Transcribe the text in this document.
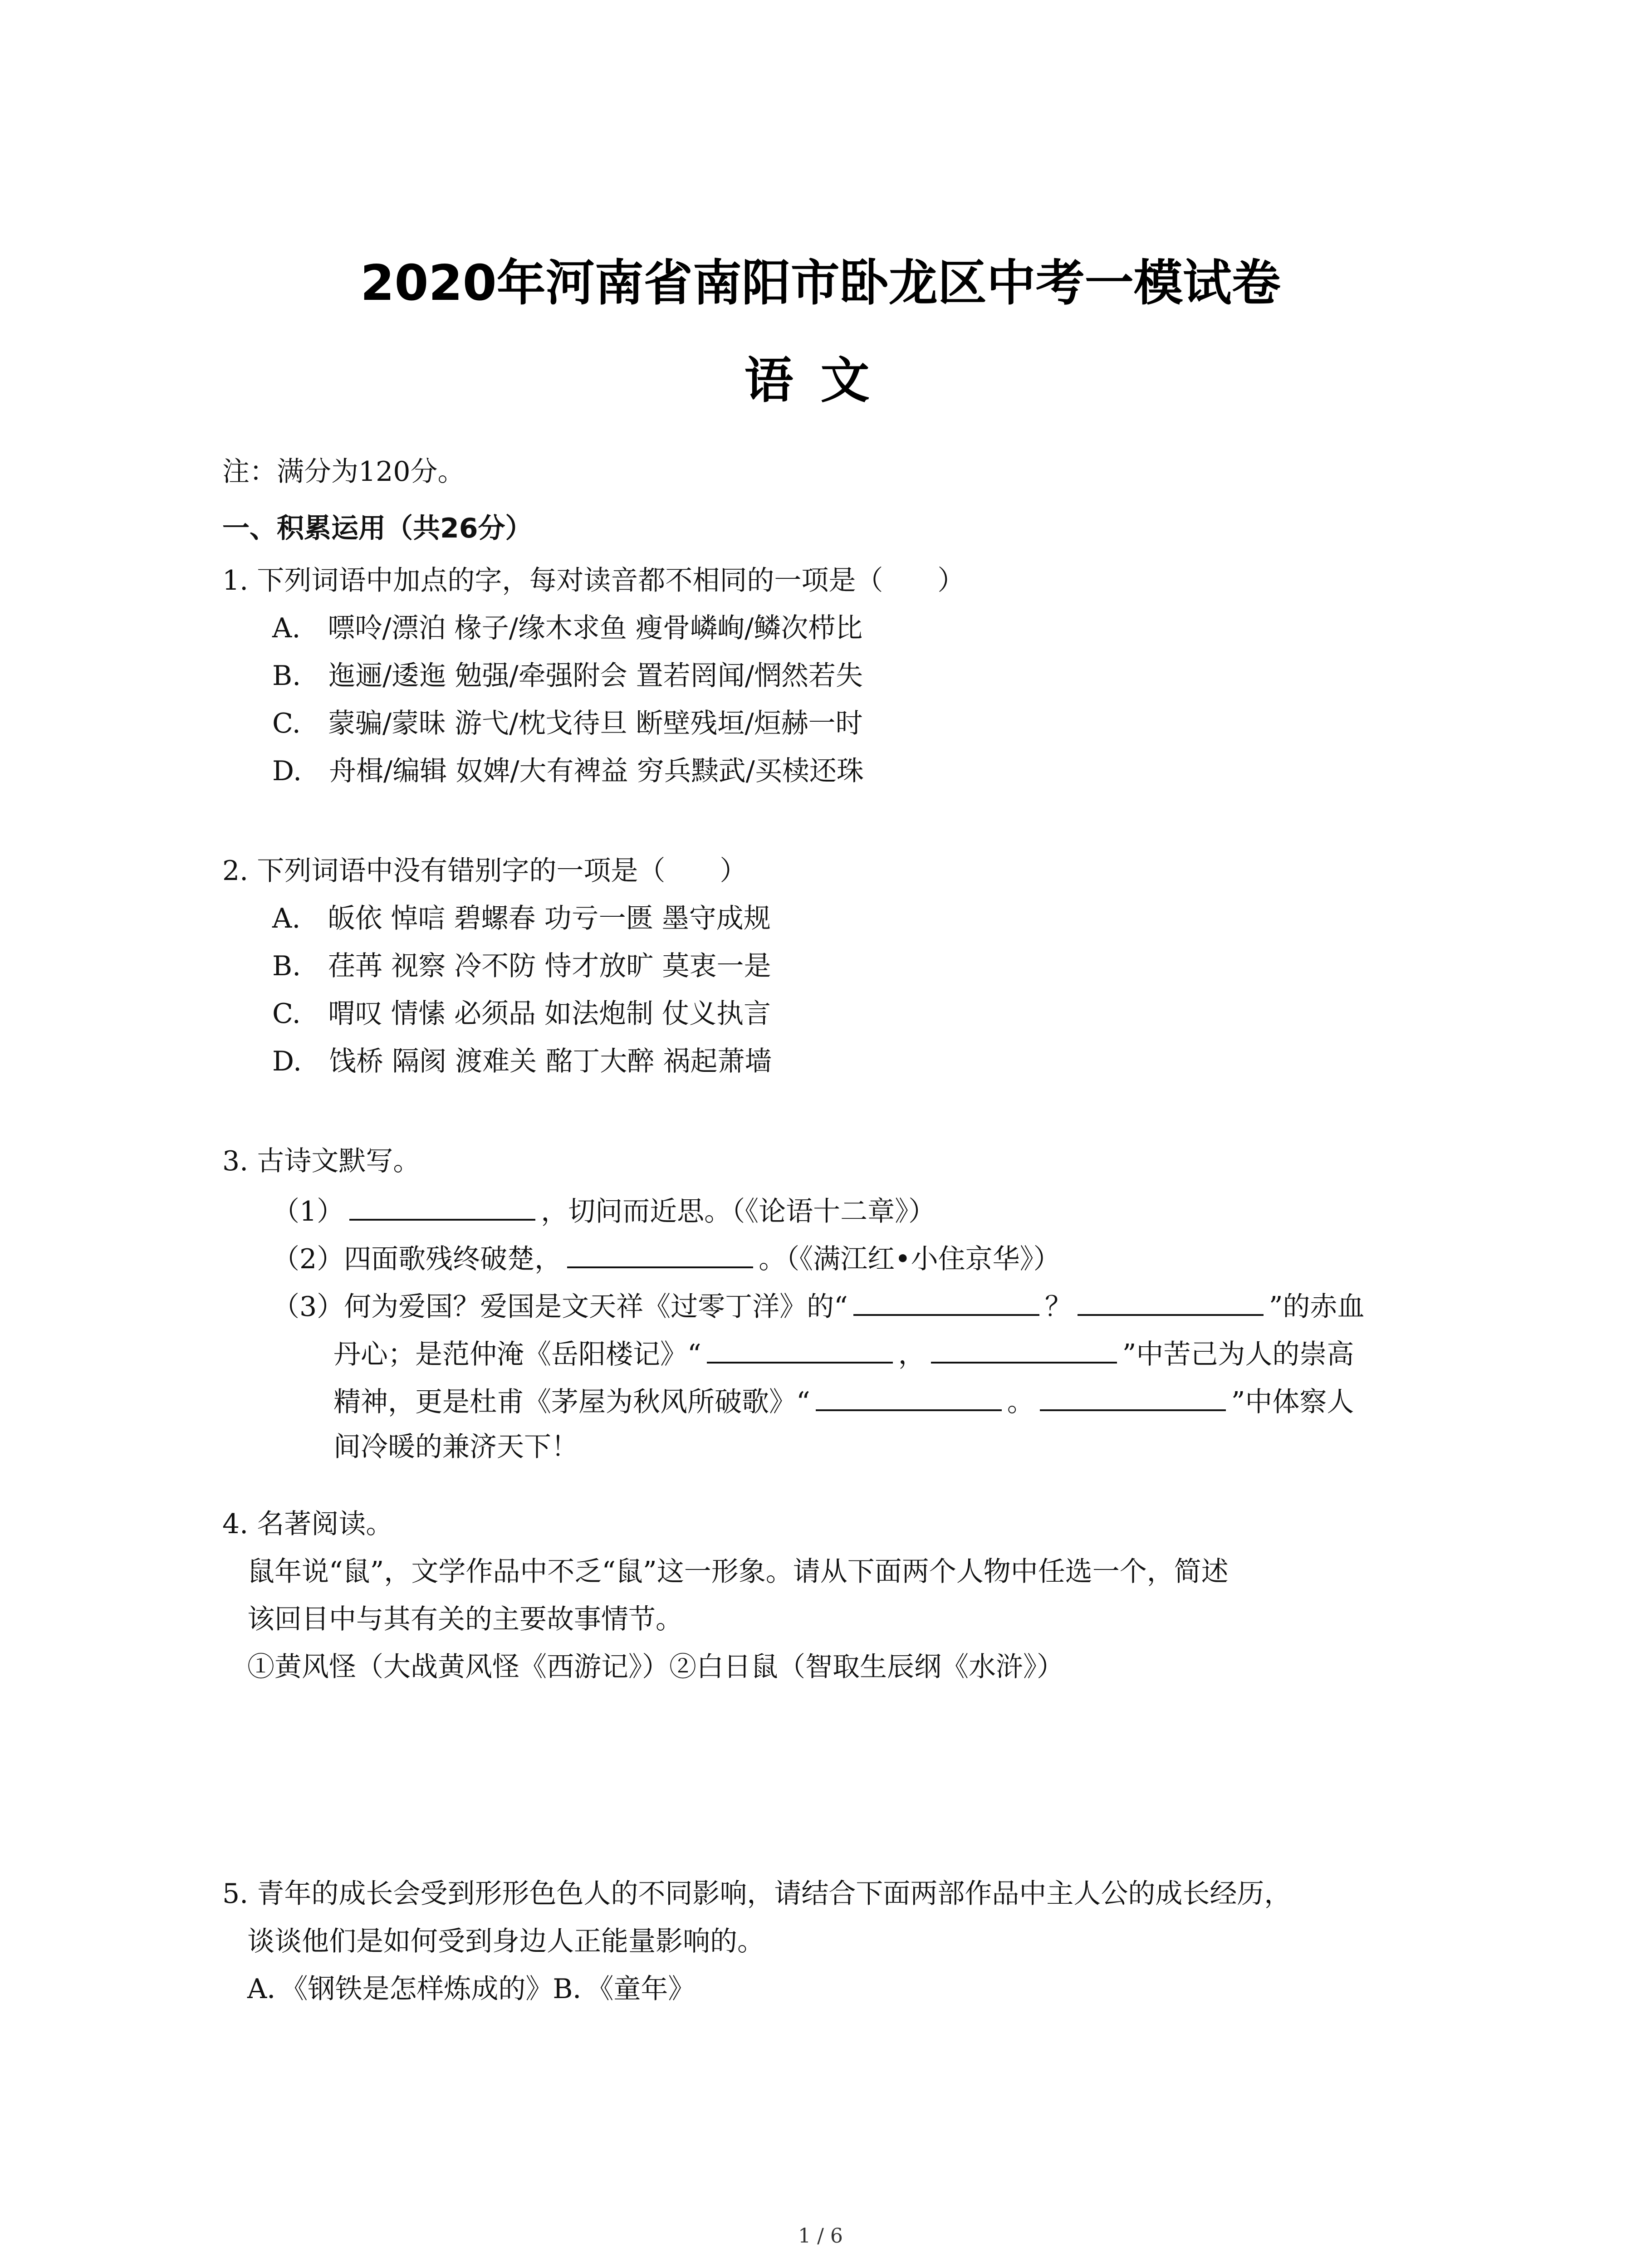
2020年河南省南阳市卧龙区中考一模试卷
语文
注：满分为120分。
一、积累运用（共26分）
1. 下列词语中加点的字，每对读音都不相同的一项是（　　）
A.　嘌呤/漂泊 椽子/缘木求鱼 瘦骨嶙峋/鳞次栉比
B.　迤逦/逶迤 勉强/牵强附会 置若罔闻/惘然若失
C.　蒙骗/蒙昧 游弋/枕戈待旦 断壁残垣/烜赫一时
D.　舟楫/编辑 奴婢/大有裨益 穷兵黩武/买椟还珠
2. 下列词语中没有错别字的一项是（　　）
A.　皈依 悼唁 碧螺春 功亏一匮 墨守成规
B.　荏苒 视察 冷不防 恃才放旷 莫衷一是
C.　喟叹 情愫 必须品 如法炮制 仗义执言
D.　饯桥 隔阂 渡难关 酩丁大醉 祸起萧墙
3. 古诗文默写。
（1）	，切问而近思。（《论语十二章》）
（2）四面歌残终破楚，	。（《满江红•小住京华》）
（3）何为爱国？爱国是文天祥《过零丁洋》的“	？	”的赤血
丹心；是范仲淹《岳阳楼记》“	，	”中苦己为人的崇高
精神，更是杜甫《茅屋为秋风所破歌》“	。	”中体察人
间冷暖的兼济天下！
4. 名著阅读。
鼠年说“鼠”，文学作品中不乏“鼠”这一形象。请从下面两个人物中任选一个，简述
该回目中与其有关的主要故事情节。
①黄风怪（大战黄风怪《西游记》）②白日鼠（智取生辰纲《水浒》）
5. 青年的成长会受到形形色色人的不同影响，请结合下面两部作品中主人公的成长经历，
谈谈他们是如何受到身边人正能量影响的。
A．《钢铁是怎样炼成的》B．《童年》
1 / 6
